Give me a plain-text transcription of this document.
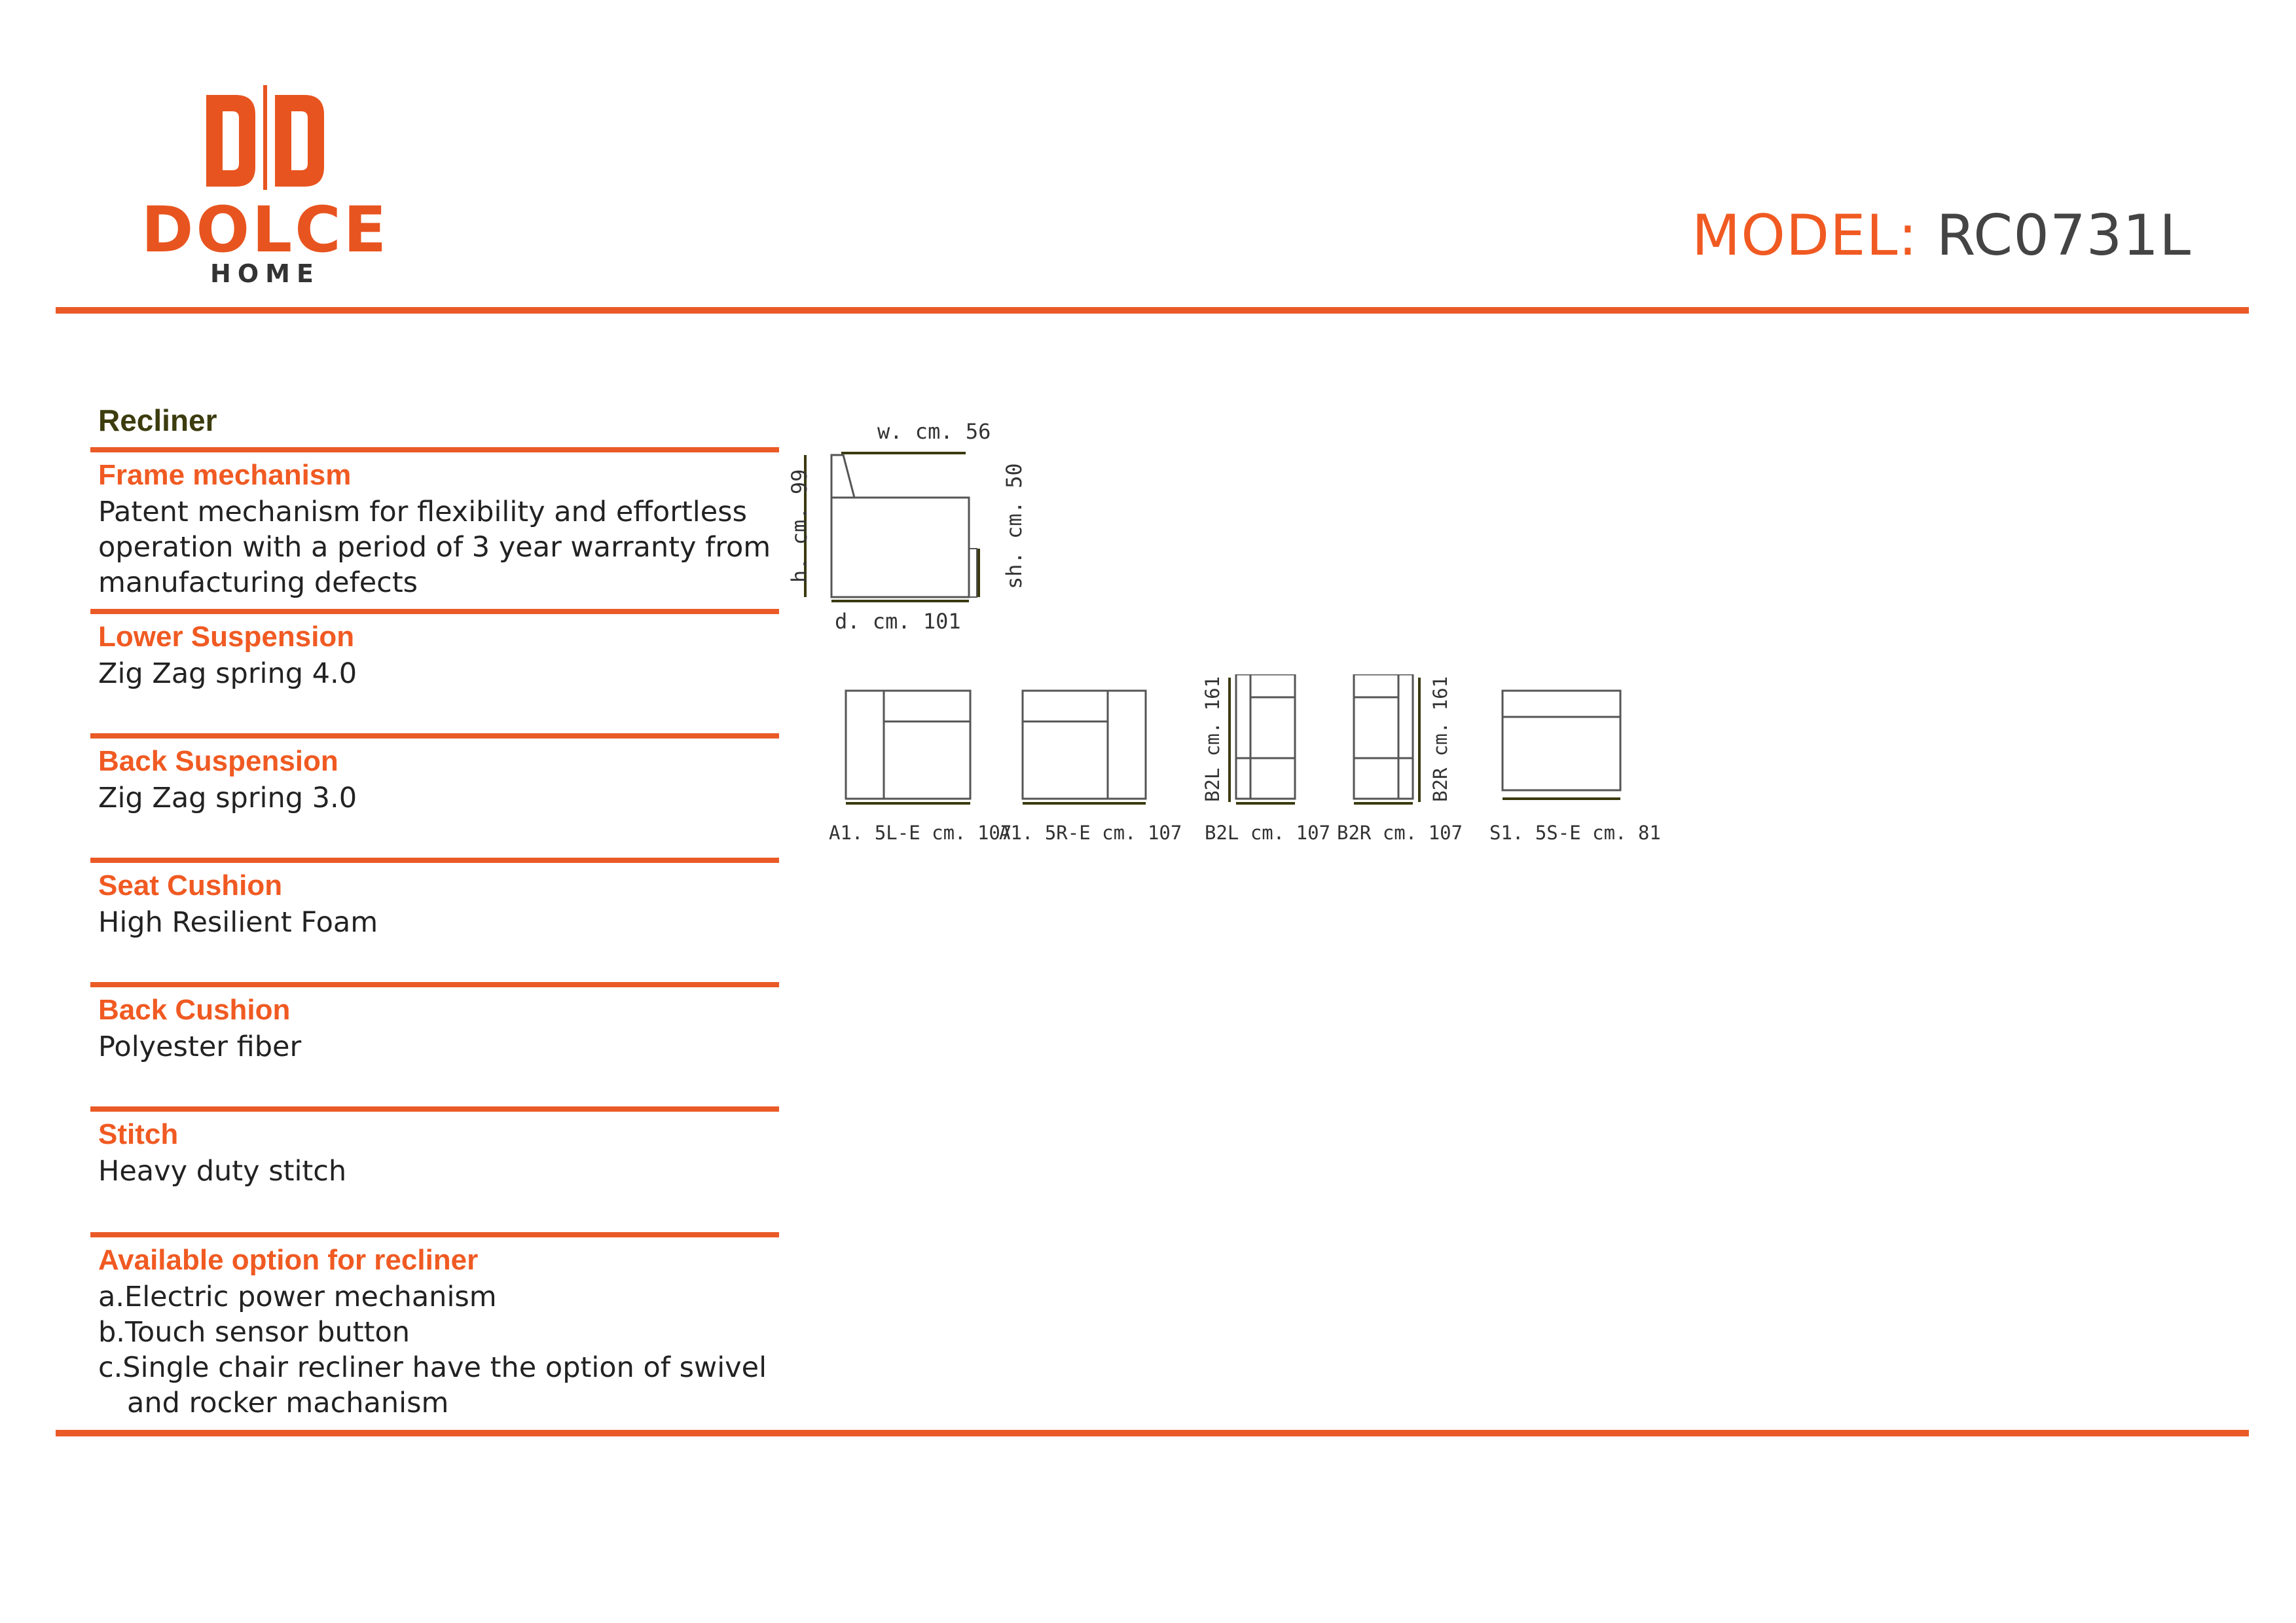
DOLCE
HOME
MODEL: RC0731L
Recliner
Frame mechanism
Patent mechanism for flexibility and effortless
operation with a period of 3 year warranty from
manufacturing defects
Lower Suspension
Zig Zag spring 4.0
Back Suspension
Zig Zag spring 3.0
Seat Cushion
High Resilient Foam
Back Cushion
Polyester fiber
Stitch
Heavy duty stitch
Available option for recliner
a.Electric power mechanism
b.Touch sensor button
c.Single chair recliner have the option of swivel
and rocker machanism
w. cm. 56
h. cm. 99	sh. cm. 50
d. cm. 101
A1. 5L-E cm. 107
A1. 5R-E cm. 107
B2L cm. 161
B2L cm. 107
B2R cm. 161
B2R cm. 107 S1. 5S-E cm. 81
